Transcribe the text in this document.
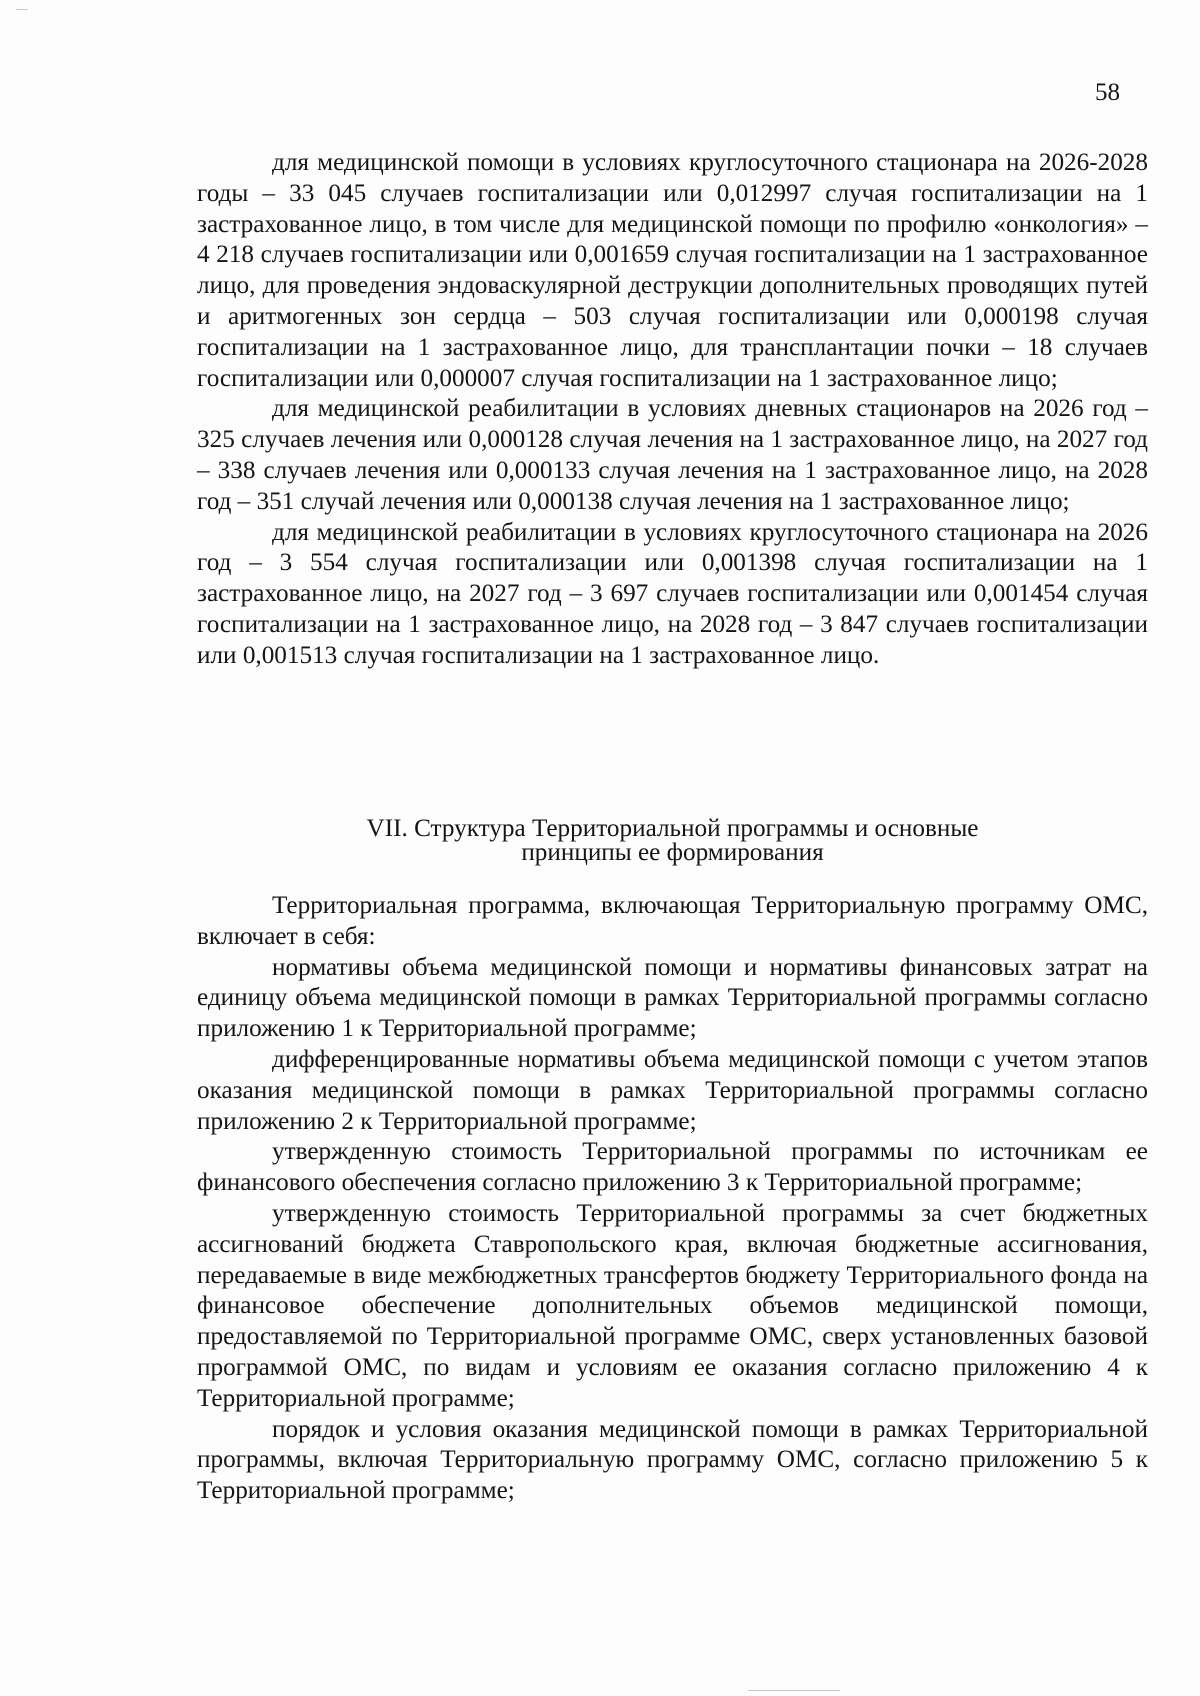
58

для медицинской помощи в условиях круглосуточного стационара на 2026-2028 годы – 33 045 случаев госпитализации или 0,012997 случая госпитализации на 1 застрахованное лицо, в том числе для медицинской помощи по профилю «онкология» – 4 218 случаев госпитализации или 0,001659 случая госпитализации на 1 застрахованное лицо, для проведения эндоваскулярной деструкции дополнительных проводящих путей и аритмогенных зон сердца – 503 случая госпитализации или 0,000198 случая госпитализации на 1 застрахованное лицо, для трансплантации почки – 18 случаев госпитализации или 0,000007 случая госпитализации на 1 застрахованное лицо;

для медицинской реабилитации в условиях дневных стационаров на 2026 год – 325 случаев лечения или 0,000128 случая лечения на 1 застрахованное лицо, на 2027 год – 338 случаев лечения или 0,000133 случая лечения на 1 застрахованное лицо, на 2028 год – 351 случай лечения или 0,000138 случая лечения на 1 застрахованное лицо;

для медицинской реабилитации в условиях круглосуточного стационара на 2026 год – 3 554 случая госпитализации или 0,001398 случая госпитализации на 1 застрахованное лицо, на 2027 год – 3 697 случаев госпитализации или 0,001454 случая госпитализации на 1 застрахованное лицо, на 2028 год – 3 847 случаев госпитализации или 0,001513 случая госпитализации на 1 застрахованное лицо.

VII. Структура Территориальной программы и основные
принципы ее формирования

Территориальная программа, включающая Территориальную программу ОМС, включает в себя:

нормативы объема медицинской помощи и нормативы финансовых затрат на единицу объема медицинской помощи в рамках Территориальной программы согласно приложению 1 к Территориальной программе;

дифференцированные нормативы объема медицинской помощи с учетом этапов оказания медицинской помощи в рамках Территориальной программы согласно приложению 2 к Территориальной программе;

утвержденную стоимость Территориальной программы по источникам ее финансового обеспечения согласно приложению 3 к Территориальной программе;

утвержденную стоимость Территориальной программы за счет бюджетных ассигнований бюджета Ставропольского края, включая бюджетные ассигнования, передаваемые в виде межбюджетных трансфертов бюджету Территориального фонда на финансовое обеспечение дополнительных объемов медицинской помощи, предоставляемой по Территориальной программе ОМС, сверх установленных базовой программой ОМС, по видам и условиям ее оказания согласно приложению 4 к Территориальной программе;

порядок и условия оказания медицинской помощи в рамках Территориальной программы, включая Территориальную программу ОМС, согласно приложению 5 к Территориальной программе;
